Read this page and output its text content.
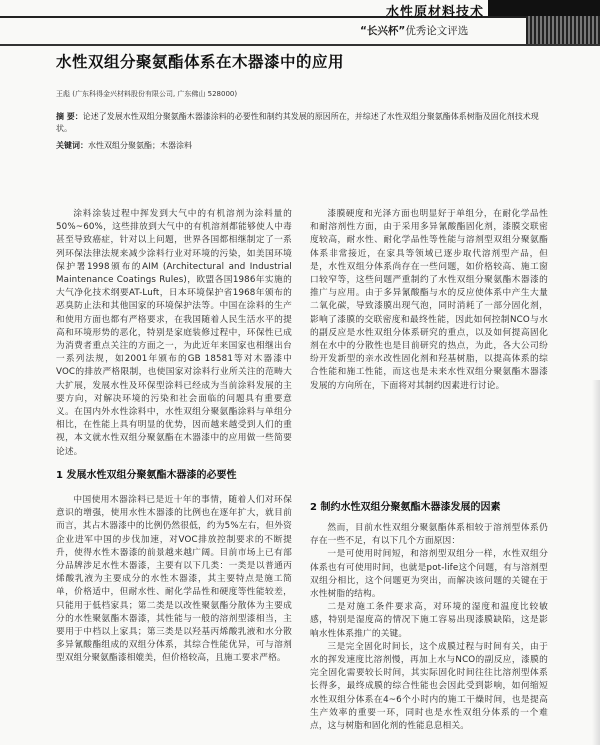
水性原材料技术
“长兴杯”优秀论文评选
水性双组分聚氨酯体系在木器漆中的应用
王彪 (广东科得金兴材料股份有限公司, 广东佛山 528000)
摘 要：论述了发展水性双组分聚氨酯木器漆涂料的必要性和制约其发展的原因所在，并综述了水性双组分聚氨酯体系树脂及固化剂技术现状。
关键词：水性双组分聚氨酯；木器涂料

涂料涂装过程中挥发到大气中的有机溶剂为涂料量的50%~60%，这些排放到大气中的有机溶剂都能够使人中毒甚至导致癌症，针对以上问题，世界各国都相继制定了一系列环保法律法规来减少涂料行业对环境的污染，如美国环境保护署1998颁布的AIM (Architectural and Industrial Maintenance Coatings Rules)，欧盟各国1986年实施的大气净化技术纲要AT-Luft，日本环境保护省1968年颁布的恶臭防止法和其他国家的环境保护法等。中国在涂料的生产和使用方面也都有严格要求，在我国随着人民生活水平的提高和环境形势的恶化，特别是家庭装修过程中，环保性已成为消费者重点关注的方面之一，为此近年来国家也相继出台一系列法规，如2001年颁布的GB 18581等对木器漆中VOC的排放严格限制，也使国家对涂料行业所关注的范畴大大扩展，发展水性及环保型涂料已经成为当前涂料发展的主要方向，对解决环境的污染和社会面临的问题具有重要意义。在国内外水性涂料中，水性双组分聚氨酯涂料与单组分相比，在性能上具有明显的优势，因而越来越受到人们的重视，本文就水性双组分聚氨酯在木器漆中的应用做一些简要论述。

1 发展水性双组分聚氨酯木器漆的必要性

中国使用木器涂料已是近十年的事情，随着人们对环保意识的增强，使用水性木器漆的比例也在逐年扩大，就目前而言，其占木器漆中的比例仍然很低，约为5%左右，但外资企业进军中国的步伐加速，对VOC排放控制要求的不断提升，使得水性木器漆的前景越来越广阔。目前市场上已有部分品牌涉足水性木器漆，主要有以下几类：一类是以普通丙烯酸乳液为主要成分的水性木器漆，其主要特点是施工简单，价格适中，但耐水性、耐化学品性和硬度等性能较差，只能用于低档家具；第二类是以改性聚氨酯分散体为主要成分的水性聚氨酯木器漆，其性能与一般的溶剂型漆相当，主要用于中档以上家具；第三类是以羟基丙烯酸乳液和水分散多异氰酸酯组成的双组分体系，其综合性能优异，可与溶剂型双组分聚氨酯漆相媲美，但价格较高，且施工要求严格。

漆膜硬度和光泽方面也明显好于单组分，在耐化学品性和耐溶剂性方面，由于采用多异氰酸酯固化剂，漆膜交联密度较高，耐水性、耐化学品性等性能与溶剂型双组分聚氨酯体系非常接近，在家具等领域已逐步取代溶剂型产品，但是，水性双组分体系尚存在一些问题，如价格较高、施工窗口较窄等，这些问题严重制约了水性双组分聚氨酯木器漆的推广与应用。由于多异氰酸酯与水的反应使体系中产生大量二氧化碳，导致漆膜出现气泡，同时消耗了一部分固化剂，影响了漆膜的交联密度和最终性能，因此如何控制NCO与水的副反应是水性双组分体系研究的重点，以及如何提高固化剂在水中的分散性也是目前研究的热点，为此，各大公司纷纷开发新型的亲水改性固化剂和羟基树脂，以提高体系的综合性能和施工性能，而这也是未来水性双组分聚氨酯木器漆发展的方向所在，下面将对其制约因素进行讨论。

2 制约水性双组分聚氨酯木器漆发展的因素

然而，目前水性双组分聚氨酯体系相较于溶剂型体系仍存在一些不足，有以下几个方面原因：

一是可使用时间短，和溶剂型双组分一样，水性双组分体系也有可使用时间，也就是pot-life这个问题，有与溶剂型双组分相比，这个问题更为突出，而解决该问题的关键在于水性树脂的结构。

二是对施工条件要求高，对环境的湿度和温度比较敏感，特别是湿度高的情况下施工容易出现漆膜缺陷，这是影响水性体系推广的关键。

三是完全固化时间长，这个成膜过程与时间有关，由于水的挥发速度比溶剂慢，再加上水与NCO的副反应，漆膜的完全固化需要较长时间，其实际固化时间往往比溶剂型体系长得多，最终成膜的综合性能也会因此受到影响，如何缩短水性双组分体系在4~6个小时内的施工干燥时间，也是提高生产效率的重要一环，同时也是水性双组分体系的一个难点，这与树脂和固化剂的性能息息相关。
